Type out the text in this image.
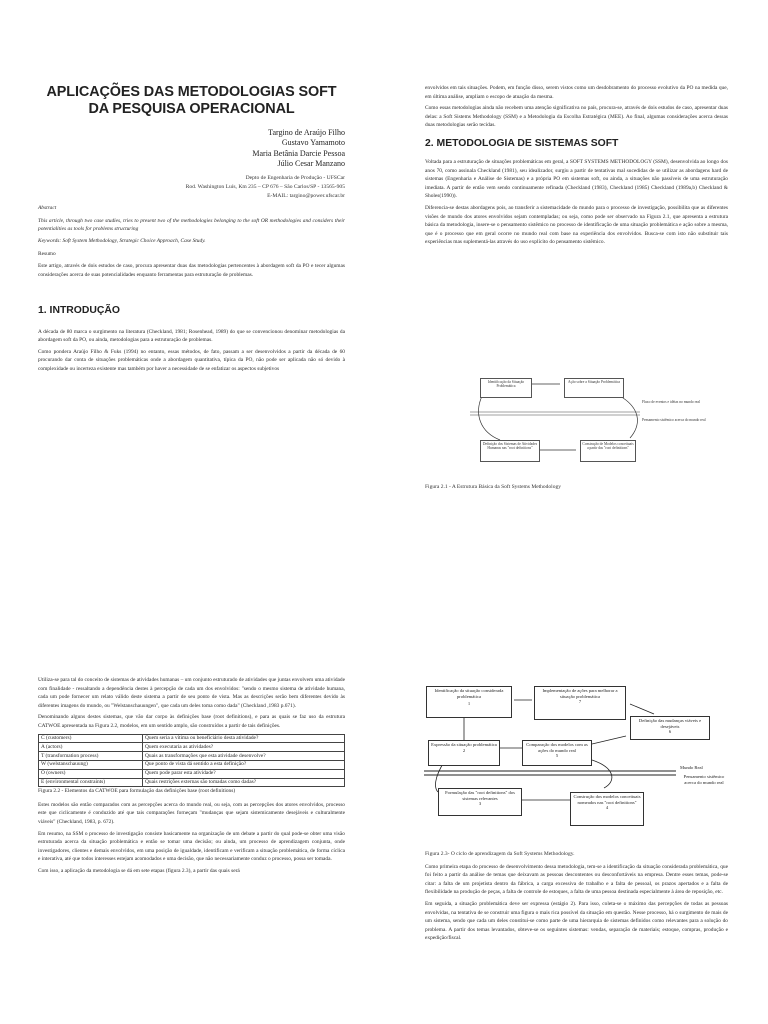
APLICAÇÕES DAS METODOLOGIAS SOFT DA PESQUISA OPERACIONAL
Targino de Araújo Filho
Gustavo Yamamoto
Maria Betânia Darcie Pessoa
Júlio Cesar Manzano
Depto de Engenharia de Produção - UFSCar
Rod. Washington Luís, Km 235 – CP 676 – São Carlos/SP - 13565-905
E-MAIL: targino@power.ufscar.br
Abstract

This article, through two case studies, tries to present two of the methodologies belonging to the soft OR methodologies and considers their potentialities as tools for problems structuring

Keywords: Soft System Methodology, Strategic Choice Approach, Case Study.

Resumo

Este artigo, através de dois estudos de caso, procura apresentar duas das metodologias pertencentes à abordagem soft da PO e tecer algumas considerações acerca de suas potencialidades enquanto ferramentas para estruturação de problemas.

1. INTRODUÇÃO

A década de 80 marca o surgimento na literatura (Checkland, 1981; Rosenhead, 1989) do que se convencionou denominar metodologias da abordagem soft da PO, ou ainda, metodologias para a estruturação de problemas.

Como pondera Araújo Filho & Fuks (1994) no entanto, essas métodos, de fato, passam a ser desenvolvidos a partir da década de 60 procurando dar conta de situações problemáticas onde a abordagem quantitativa, típica da PO, não pode ser aplicada não só devido à complexidade ou incerteza existente mas também por haver a necessidade de se enfatizar os aspectos subjetivos

envolvidos em tais situações. Podem, em função disso, serem vistos como um desdobramento do processo evolutivo da PO na medida que, em última análise, ampliam o escopo de atuação da mesma.

Como essas metodologias ainda não recebem uma atenção significativa no país, procura-se, através de dois estudos de caso, apresentar duas delas: a Soft Sistems Methodology (SSM) e a Metodologia da Escolha Estratégica (MEE). Ao final, algumas considerações acerca dessas duas metodologias serão tecidas.

2. METODOLOGIA DE SISTEMAS SOFT

Voltada para a estruturação de situações problemáticas em geral, a SOFT SYSTEMS METHODOLOGY (SSM), desenvolvida ao longo dos anos 70, como assinala Checkland (1981), seu idealizador, surgiu a partir de tentativas mal sucedidas de se utilizar as abordagens hard de sistemas (Engenharia e Análise de Sistemas) e a própria PO em sistemas soft, ou ainda, a situações não passíveis de uma estruturação imediata. A partir de então vem sendo continuamente refinada (Checkland (1983), Checkland (1985) Checkland (1989a,b) Checkland & Sholes(1990)).

Diferencia-se destas abordagens pois, ao transferir a sistemacidade do mundo para o processo de investigação, possibilita que as diferentes visões de mundo dos atores envolvidos sejam contempladas; ou seja, como pode ser observado na Figura 2.1, que apresenta a estrutura básica da metodologia, insere-se o pensamento sistêmico no processo de identificação de uma situação problemática e ação sobre a mesma, que é o processo que em geral ocorre no mundo real com base na experiência dos envolvidos. Busca-se com isto não substituir tais experiências mas suplementá-las através do uso explícito do pensamento sistêmico.

Identificação da Situação Problemática
Ação sobre a Situação Problemática
Definição dos Sistemas de Atividades Humanas nas "root definitions"
Construção de Modelos conceituais a partir das "root definitions"
Fluxo de eventos e idéias no mundo real
Pensamento sistêmico acerca do mundo real
Figura 2.1 - A Estrutura Básica da Soft Systems Methodology

Utiliza-se para tal do conceito de sistemas de atividades humanas – um conjunto estruturado de atividades que juntas envolvem uma atividade com finalidade - ressaltando a dependência destes à percepção de cada um dos envolvidos: "sendo o mesmo sistema de atividade humana, cada um pode fornecer um relato válido deste sistema a partir de seu ponto de vista. Mas as descrições serão bem diferentes devido às diferentes imagens do mundo, ou "Welstanschauungen", que cada um deles toma como dada" (Checkland ,1983 p.671).

Denominando alguns destes sistemas, que vão dar corpo às definições base (root definitions), e para as quais se faz uso da estrutura CATWOE apresentada na Figura 2.2, modelos, em um sentido amplo, são construídos a partir de tais definições.

C (customers)	Quem seria a vítima ou beneficiário desta atividade?
A (actors)	Quem executaria as atividades?
T (transformation process)	Quais as transformações que esta atividade desenvolve?
W (welstanschauung)	Que ponto de vista dá sentido a esta definição?
O (owners)	Quem pode parar esta atividade?
E (environmental constraints)	Quais restrições externas são tomadas como dadas?
Figura 2.2 - Elementos da CATWOE para formulação das definições base (root definitions)

Estes modelos são então comparados com as percepções acerca do mundo real, ou seja, com as percepções dos atores envolvidos, processo este que ciclicamente é conduzido até que tais comparações forneçam "mudanças que sejam sistemicamente desejáveis e culturalmente viáveis" (Checkland, 1983, p. 672).

Em resumo, na SSM o processo de investigação consiste basicamente na organização de um debate a partir do qual pode-se obter uma visão estruturada acerca da situação problemática e então se tomar uma decisão; ou ainda, um processo de aprendizagem conjunta, onde investigadores, clientes e demais envolvidos, em uma posição de igualdade, identificam e verificam a situação problemática, de forma cíclica e interativa, até que todos interesses estejam acomodados e uma decisão, que não necessariamente conduz o processo, possa ser tomada.

Com isso, a aplicação da metodologia se dá em sete etapas (figura 2.3), a partir das quais será

Identificação da situação considerada problemática
1
Implementação de ações para melhorar a situação problemática
7
Definição das mudanças viáveis e desejáveis
6
Expressão da situação problemática
2
Comparação dos modelos com as ações do mundo real
5
Formulação das "root definitions" dos sistemas relevantes
3
Construção dos modelos conceituais nomeados nas "root definitions"
4
Mundo Real
Pensamento sistêmico acerca do mundo real
Figura 2.3- O ciclo de aprendizagem da Soft Systems Methodology.

Como primeira etapa do processo de desenvolvimento dessa metodologia, tem-se a identificação da situação considerada problemática, que foi feito a partir da análise de temas que deixavam as pessoas descontentes ou desconfortáveis na empresa. Dentre esses temas, pode-se citar: a falta de um projetista dentro da fábrica, a carga excessiva de trabalho e a falta de pessoal, os prazos apertados e a falta de flexibilidade na produção de peças, a falta de controle de estoques, a falta de uma pessoa destinada especialmente à área de reposição, etc.

Em seguida, a situação problemática deve ser expressa (estágio 2). Para isso, coleta-se o máximo das percepções de todas as pessoas envolvidas, na tentativa de se construir uma figura o mais rica possível da situação em questão. Nesse processo, há o surgimento de mais de um sistema, sendo que cada um deles constitui-se como parte de uma hierarquia de sistemas definidos como relevantes para a solução do problema. A partir dos temas levantados, obteve-se os seguintes sistemas: vendas, separação de materiais; estoque, compras, produção e expedição/fiscal.
